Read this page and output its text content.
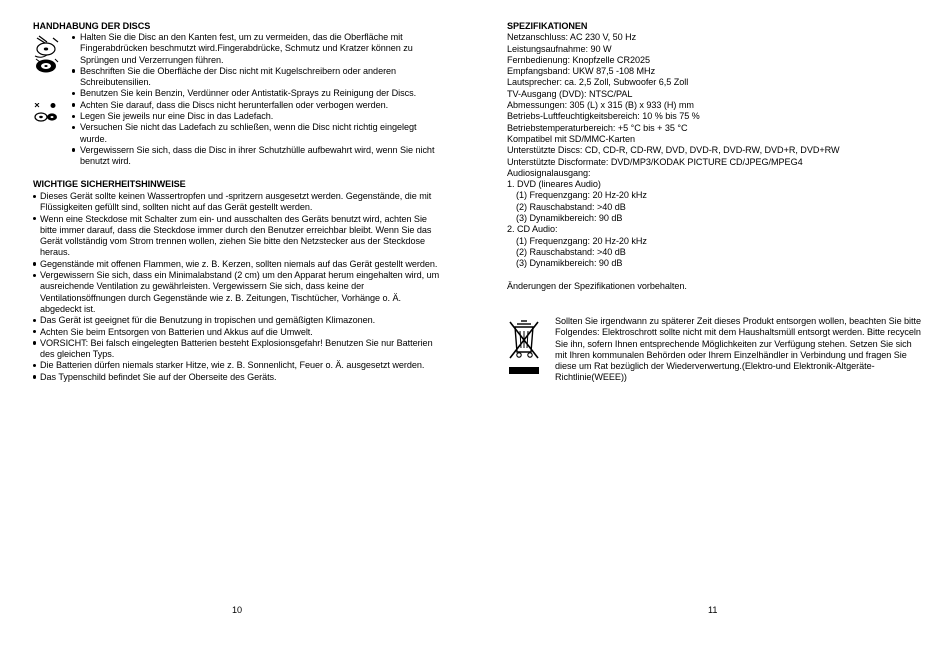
HANDHABUNG DER DISCS
Halten Sie die Disc an den Kanten fest, um zu vermeiden, das die Oberfläche mit Fingerabdrücken beschmutzt wird.Fingerabdrücke, Schmutz und Kratzer können zu Sprüngen und Verzerrungen führen.
Beschriften Sie die Oberfläche der Disc nicht mit Kugelschreibern oder anderen Schreibutensilien.
Benutzen Sie kein Benzin, Verdünner oder Antistatik-Sprays zu Reinigung der Discs.
Achten Sie darauf, dass die Discs nicht herunterfallen oder verbogen werden.
Legen Sie jeweils nur eine Disc in das Ladefach.
Versuchen Sie nicht das Ladefach zu schließen, wenn die Disc nicht richtig eingelegt wurde.
Vergewissern Sie sich, dass die Disc in ihrer Schutzhülle aufbewahrt wird, wenn Sie nicht benutzt wird.
WICHTIGE SICHERHEITSHINWEISE
Dieses Gerät sollte keinen Wassertropfen und -spritzern ausgesetzt werden. Gegenstände, die mit Flüssigkeiten gefüllt sind, sollten nicht auf das Gerät gestellt werden.
Wenn eine Steckdose mit Schalter zum ein- und ausschalten des Geräts benutzt wird, achten Sie bitte immer darauf, dass die Steckdose immer durch den Benutzer erreichbar bleibt. Wenn Sie das Gerät vollständig vom Strom trennen wollen, ziehen Sie bitte den Netzstecker aus der Steckdose heraus.
Gegenstände mit offenen Flammen, wie z. B. Kerzen, sollten niemals auf das Gerät gestellt werden.
Vergewissern Sie sich, dass ein Minimalabstand (2 cm) um den Apparat herum eingehalten wird, um ausreichende Ventilation zu gewährleisten. Vergewissern Sie sich, dass keine der Ventilationsöffnungen durch Gegenstände wie z. B. Zeitungen, Tischtücher, Vorhänge o. Ä. abgedeckt ist.
Das Gerät ist geeignet für die Benutzung in tropischen und gemäßigten Klimazonen.
Achten Sie beim Entsorgen von Batterien und Akkus auf die Umwelt.
VORSICHT: Bei falsch eingelegten Batterien besteht Explosionsgefahr! Benutzen Sie nur Batterien des gleichen Typs.
Die Batterien dürfen niemals starker Hitze, wie z. B. Sonnenlicht, Feuer o. Ä. ausgesetzt werden.
Das Typenschild befindet Sie auf der Oberseite des Geräts.
10
SPEZIFIKATIONEN
Netzanschluss: AC 230 V, 50 Hz
Leistungsaufnahme: 90 W
Fernbedienung: Knopfzelle CR2025
Empfangsband: UKW 87,5 -108 MHz
Lautsprecher: ca. 2,5 Zoll, Subwoofer 6,5 Zoll
TV-Ausgang (DVD): NTSC/PAL
Abmessungen: 305 (L) x 315 (B) x 933 (H) mm
Betriebs-Luftfeuchtigkeitsbereich: 10 % bis 75 %
Betriebstemperaturbereich: +5 °C bis + 35 °C
Kompatibel mit SD/MMC-Karten
Unterstützte Discs: CD, CD-R, CD-RW, DVD, DVD-R, DVD-RW, DVD+R, DVD+RW
Unterstützte Discformate: DVD/MP3/KODAK PICTURE CD/JPEG/MPEG4
Audiosignalausgang:
1. DVD (lineares Audio)
(1) Frequenzgang: 20 Hz-20 kHz
(2) Rauschabstand: >40 dB
(3) Dynamikbereich: 90 dB
2. CD Audio:
(1) Frequenzgang: 20 Hz-20 kHz
(2) Rauschabstand: >40 dB
(3) Dynamikbereich: 90 dB
Änderungen der Spezifikationen vorbehalten.
Sollten Sie irgendwann zu späterer Zeit dieses Produkt entsorgen wollen, beachten Sie bitte Folgendes: Elektroschrott sollte nicht mit dem Haushaltsmüll entsorgt werden. Bitte recyceln Sie ihn, sofern Ihnen entsprechende Möglichkeiten zur Verfügung stehen. Setzen Sie sich mit Ihren kommunalen Behörden oder Ihrem Einzelhändler in Verbindung und fragen Sie diese um Rat bezüglich der Wiederverwertung.(Elektro-und Elektronik-Altgeräte-Richtlinie(WEEE))
11
